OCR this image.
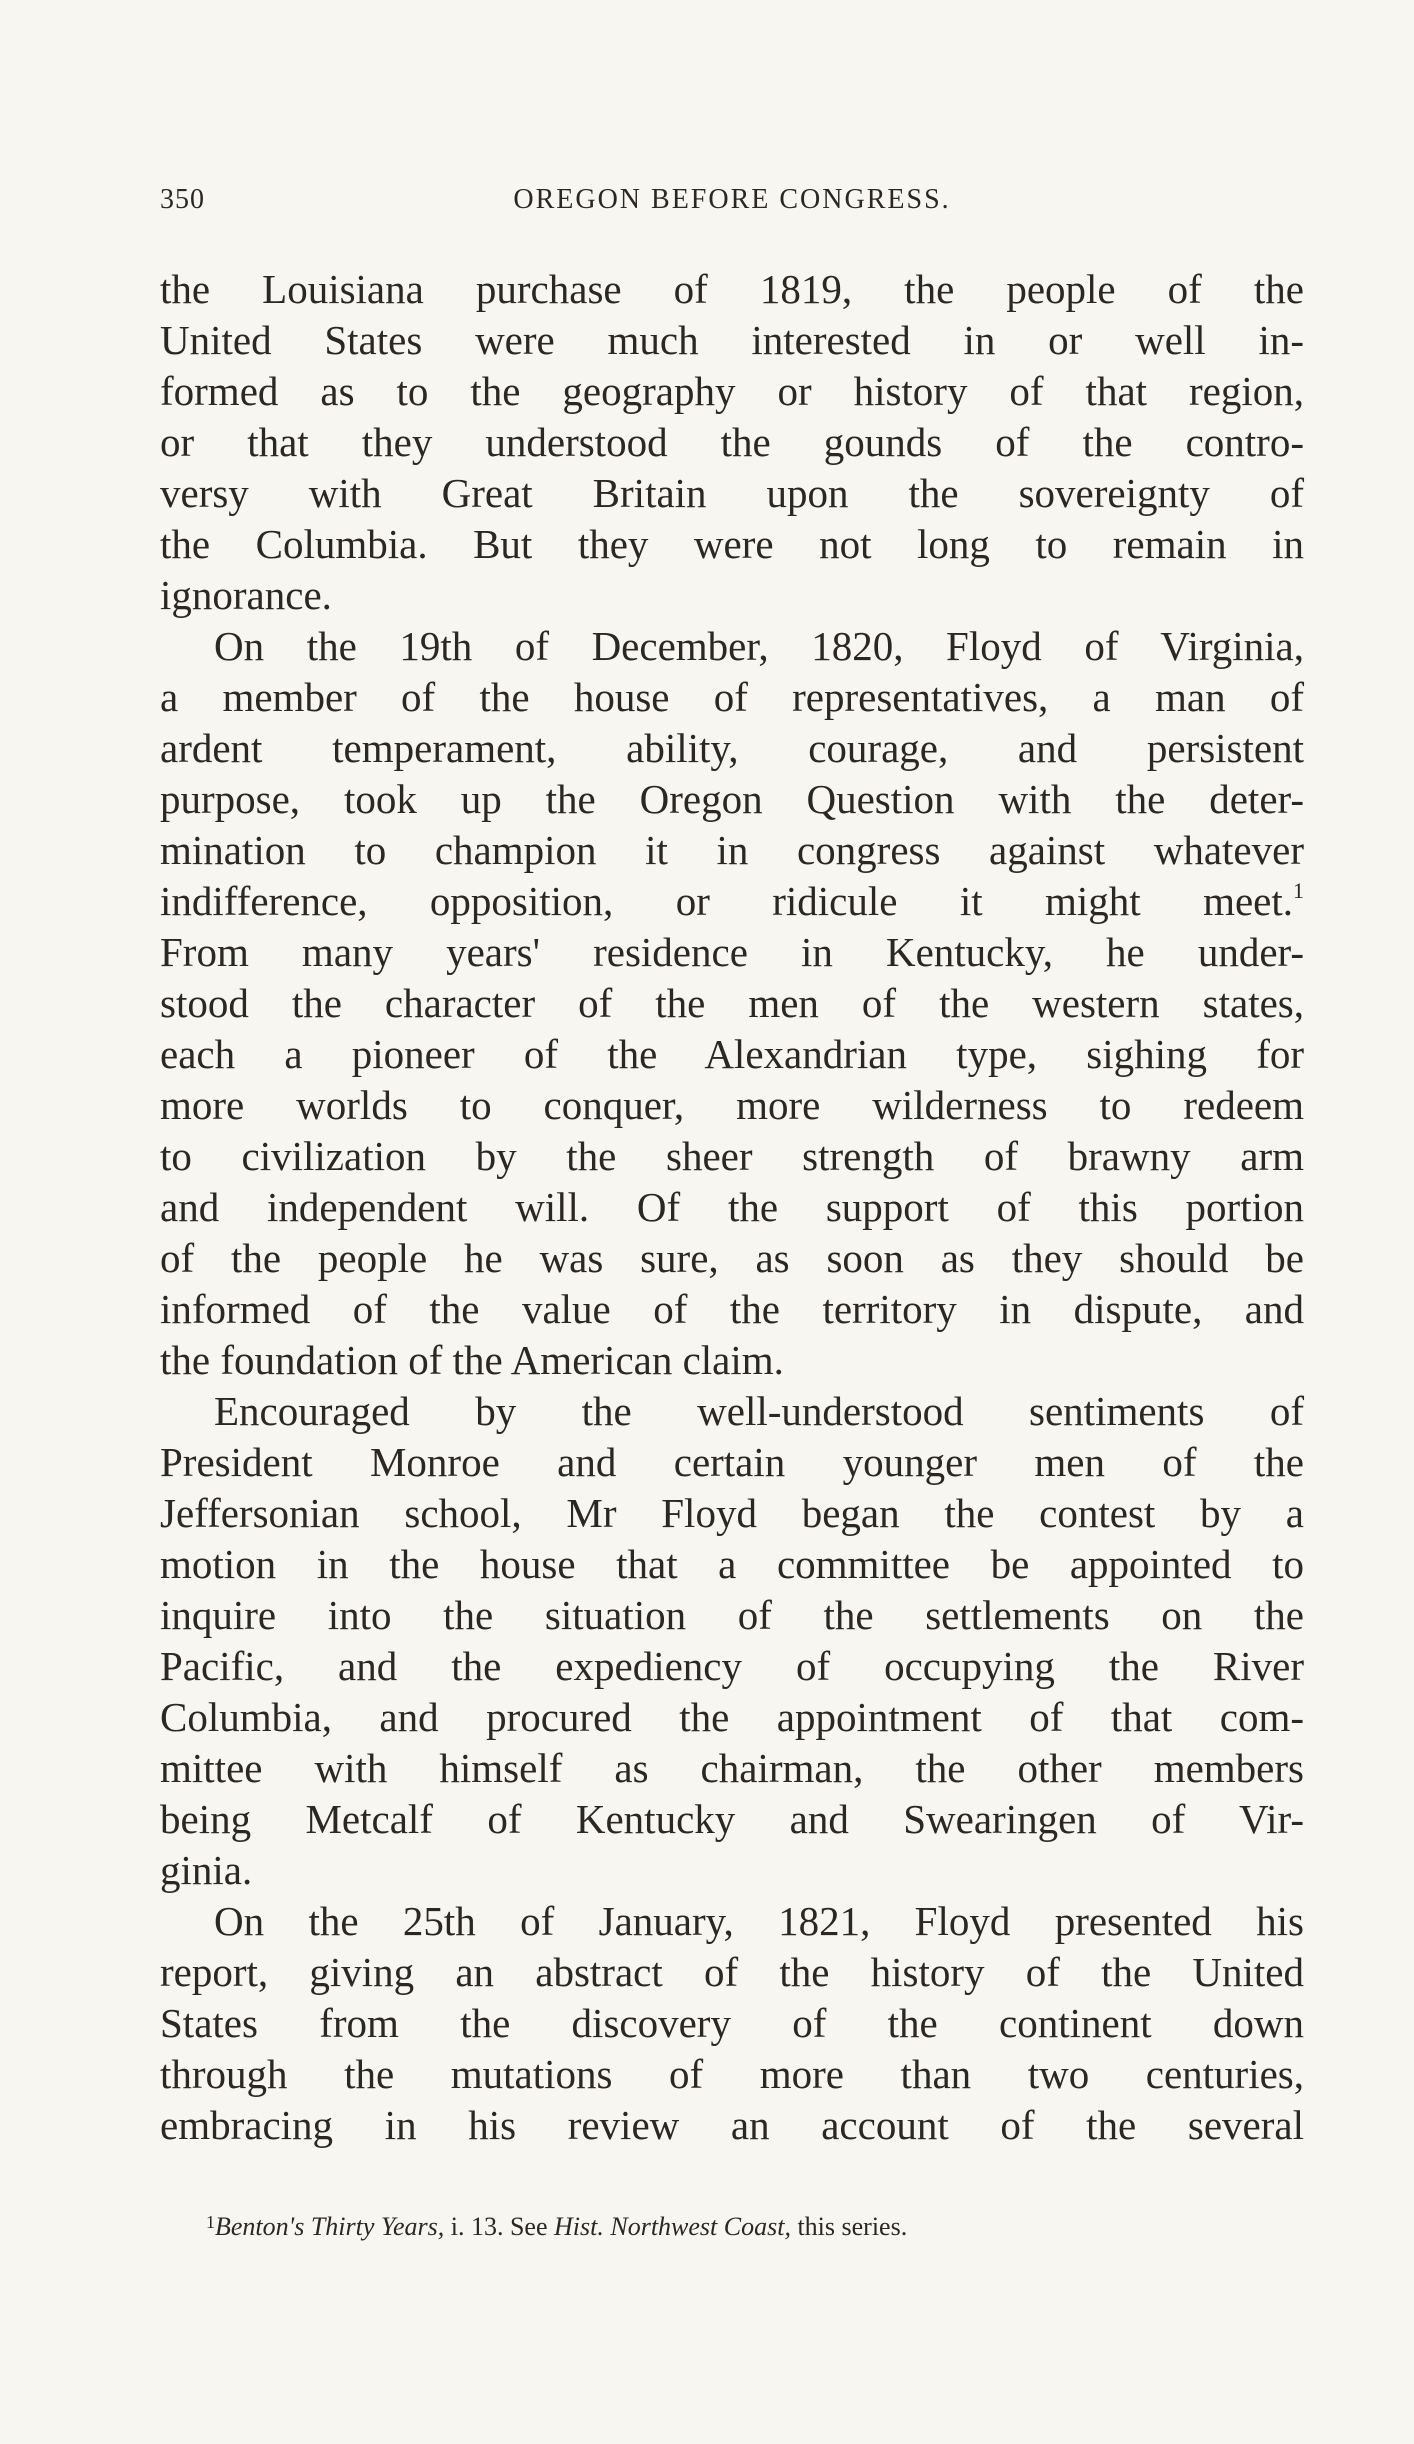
350	OREGON BEFORE CONGRESS.
the Louisiana purchase of 1819, the people of the
United States were much interested in or well in-
formed as to the geography or history of that region,
or that they understood the gounds of the contro-
versy with Great Britain upon the sovereignty of
the Columbia. But they were not long to remain in
ignorance.
On the 19th of December, 1820, Floyd of Virginia,
a member of the house of representatives, a man of
ardent temperament, ability, courage, and persistent
purpose, took up the Oregon Question with the deter-
mination to champion it in congress against whatever
indifference, opposition, or ridicule it might meet.$^1$
From many years' residence in Kentucky, he under-
stood the character of the men of the western states,
each a pioneer of the Alexandrian type, sighing for
more worlds to conquer, more wilderness to redeem
to civilization by the sheer strength of brawny arm
and independent will. Of the support of this portion
of the people he was sure, as soon as they should be
informed of the value of the territory in dispute, and
the foundation of the American claim.
Encouraged by the well-understood sentiments of
President Monroe and certain younger men of the
Jeffersonian school, Mr Floyd began the contest by a
motion in the house that a committee be appointed to
inquire into the situation of the settlements on the
Pacific, and the expediency of occupying the River
Columbia, and procured the appointment of that com-
mittee with himself as chairman, the other members
being Metcalf of Kentucky and Swearingen of Vir-
ginia.
On the 25th of January, 1821, Floyd presented his
report, giving an abstract of the history of the United
States from the discovery of the continent down
through the mutations of more than two centuries,
embracing in his review an account of the several
$^1$Benton's Thirty Years, i. 13. See Hist. Northwest Coast, this series.
